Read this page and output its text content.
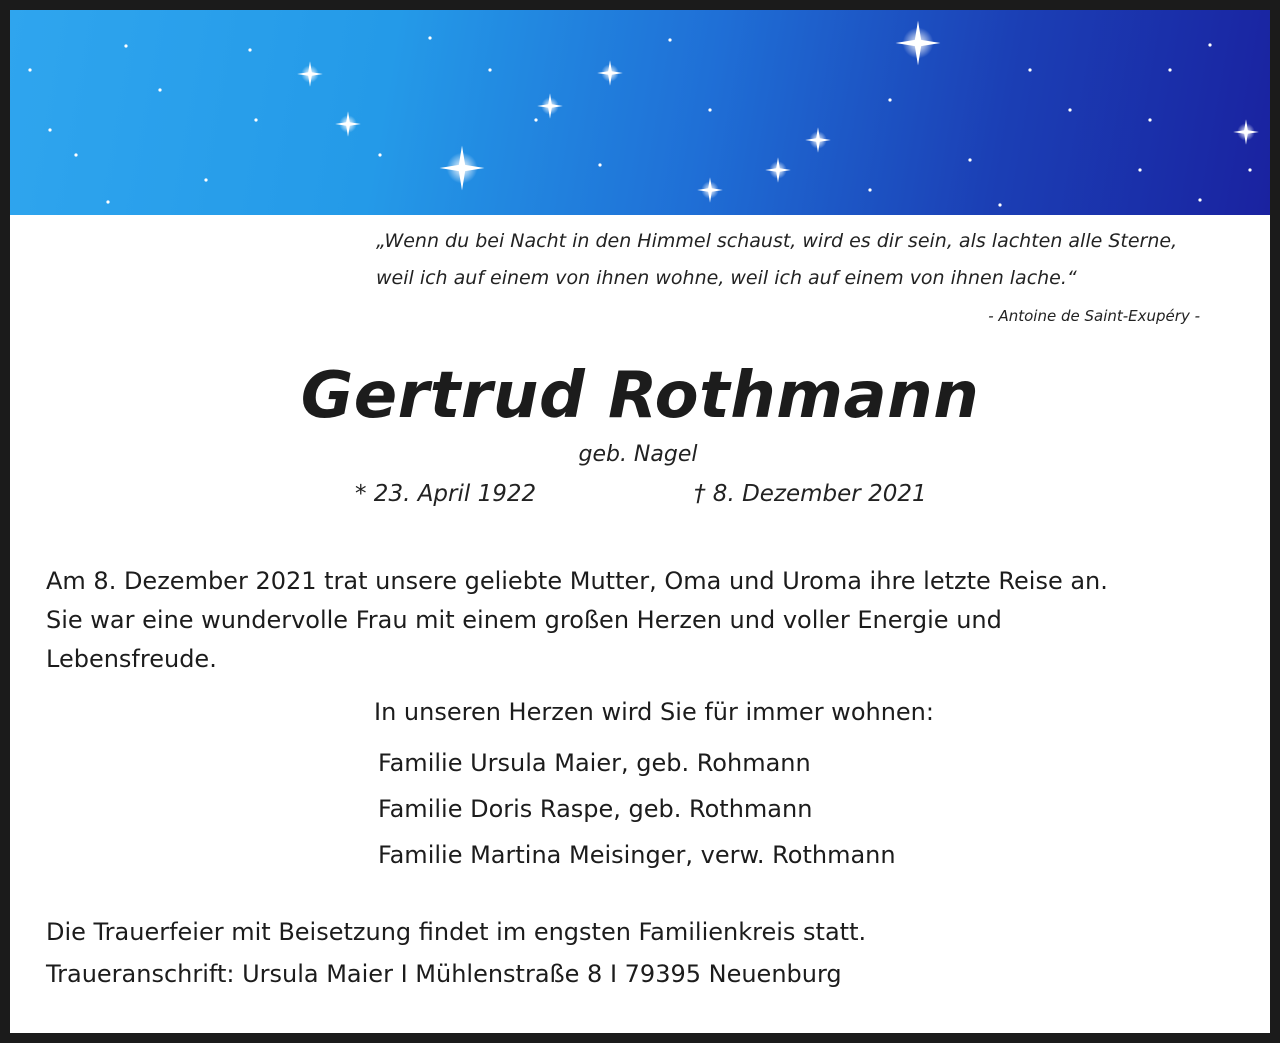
„Wenn du bei Nacht in den Himmel schaust, wird es dir sein, als lachten alle Sterne,
weil ich auf einem von ihnen wohne, weil ich auf einem von ihnen lache.“

- Antoine de Saint-Exupéry -
Gertrud Rothmann
geb. Nagel
* 23. April 1922	† 8. Dezember 2021

Am 8. Dezember 2021 trat unsere geliebte Mutter, Oma und Uroma ihre letzte Reise an.
Sie war eine wundervolle Frau mit einem großen Herzen und voller Energie und
Lebensfreude.

In unseren Herzen wird Sie für immer wohnen:
Familie Ursula Maier, geb. Rohmann
Familie Doris Raspe, geb. Rothmann
Familie Martina Meisinger, verw. Rothmann
Die Trauerfeier mit Beisetzung findet im engsten Familienkreis statt.
Traueranschrift: Ursula Maier I Mühlenstraße 8 I 79395 Neuenburg
